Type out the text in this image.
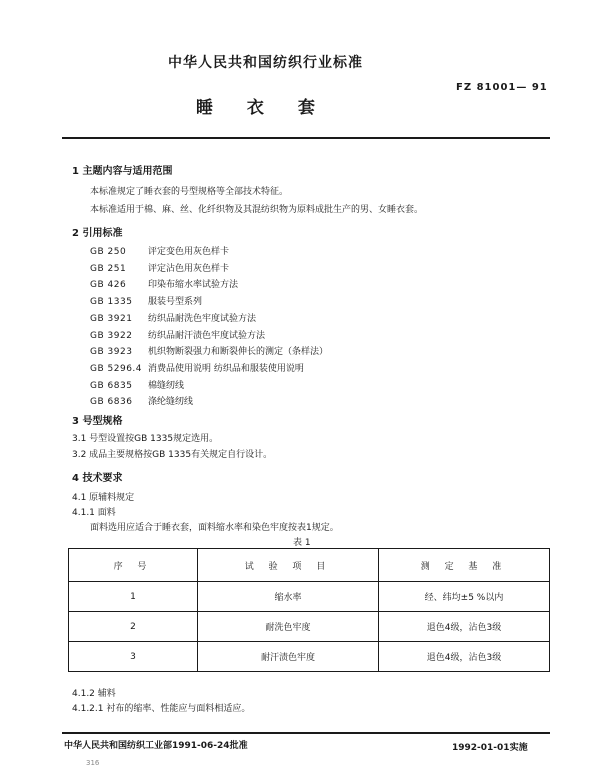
中华人民共和国纺织行业标准
FZ 81001— 91
睡 衣 套
1 主题内容与适用范围
本标准规定了睡衣套的号型规格等全部技术特征。
本标准适用于棉、麻、丝、化纤织物及其混纺织物为原料成批生产的男、女睡衣套。
2 引用标准
GB 250 评定变色用灰色样卡
GB 251 评定沾色用灰色样卡
GB 426 印染布缩水率试验方法
GB 1335 服装号型系列
GB 3921 纺织品耐洗色牢度试验方法
GB 3922 纺织品耐汗渍色牢度试验方法
GB 3923 机织物断裂强力和断裂伸长的测定（条样法）
GB 5296.4 消费品使用说明 纺织品和服装使用说明
GB 6835 棉缝纫线
GB 6836 涤纶缝纫线
3 号型规格
3.1 号型设置按GB 1335规定选用。
3.2 成品主要规格按GB 1335有关规定自行设计。
4 技术要求
4.1 原辅料规定
4.1.1 面料
面料选用应适合于睡衣套，面料缩水率和染色牢度按表1规定。
表 1
序 号	试 验 项 目	测 定 基 准
1	缩水率	经、纬均±5 %以内
2	耐洗色牢度	退色4级，沾色3级
3	耐汗渍色牢度	退色4级，沾色3级
4.1.2 辅料
4.1.2.1 衬布的缩率、性能应与面料相适应。
中华人民共和国纺织工业部1991-06-24批准	1992-01-01实施
316
